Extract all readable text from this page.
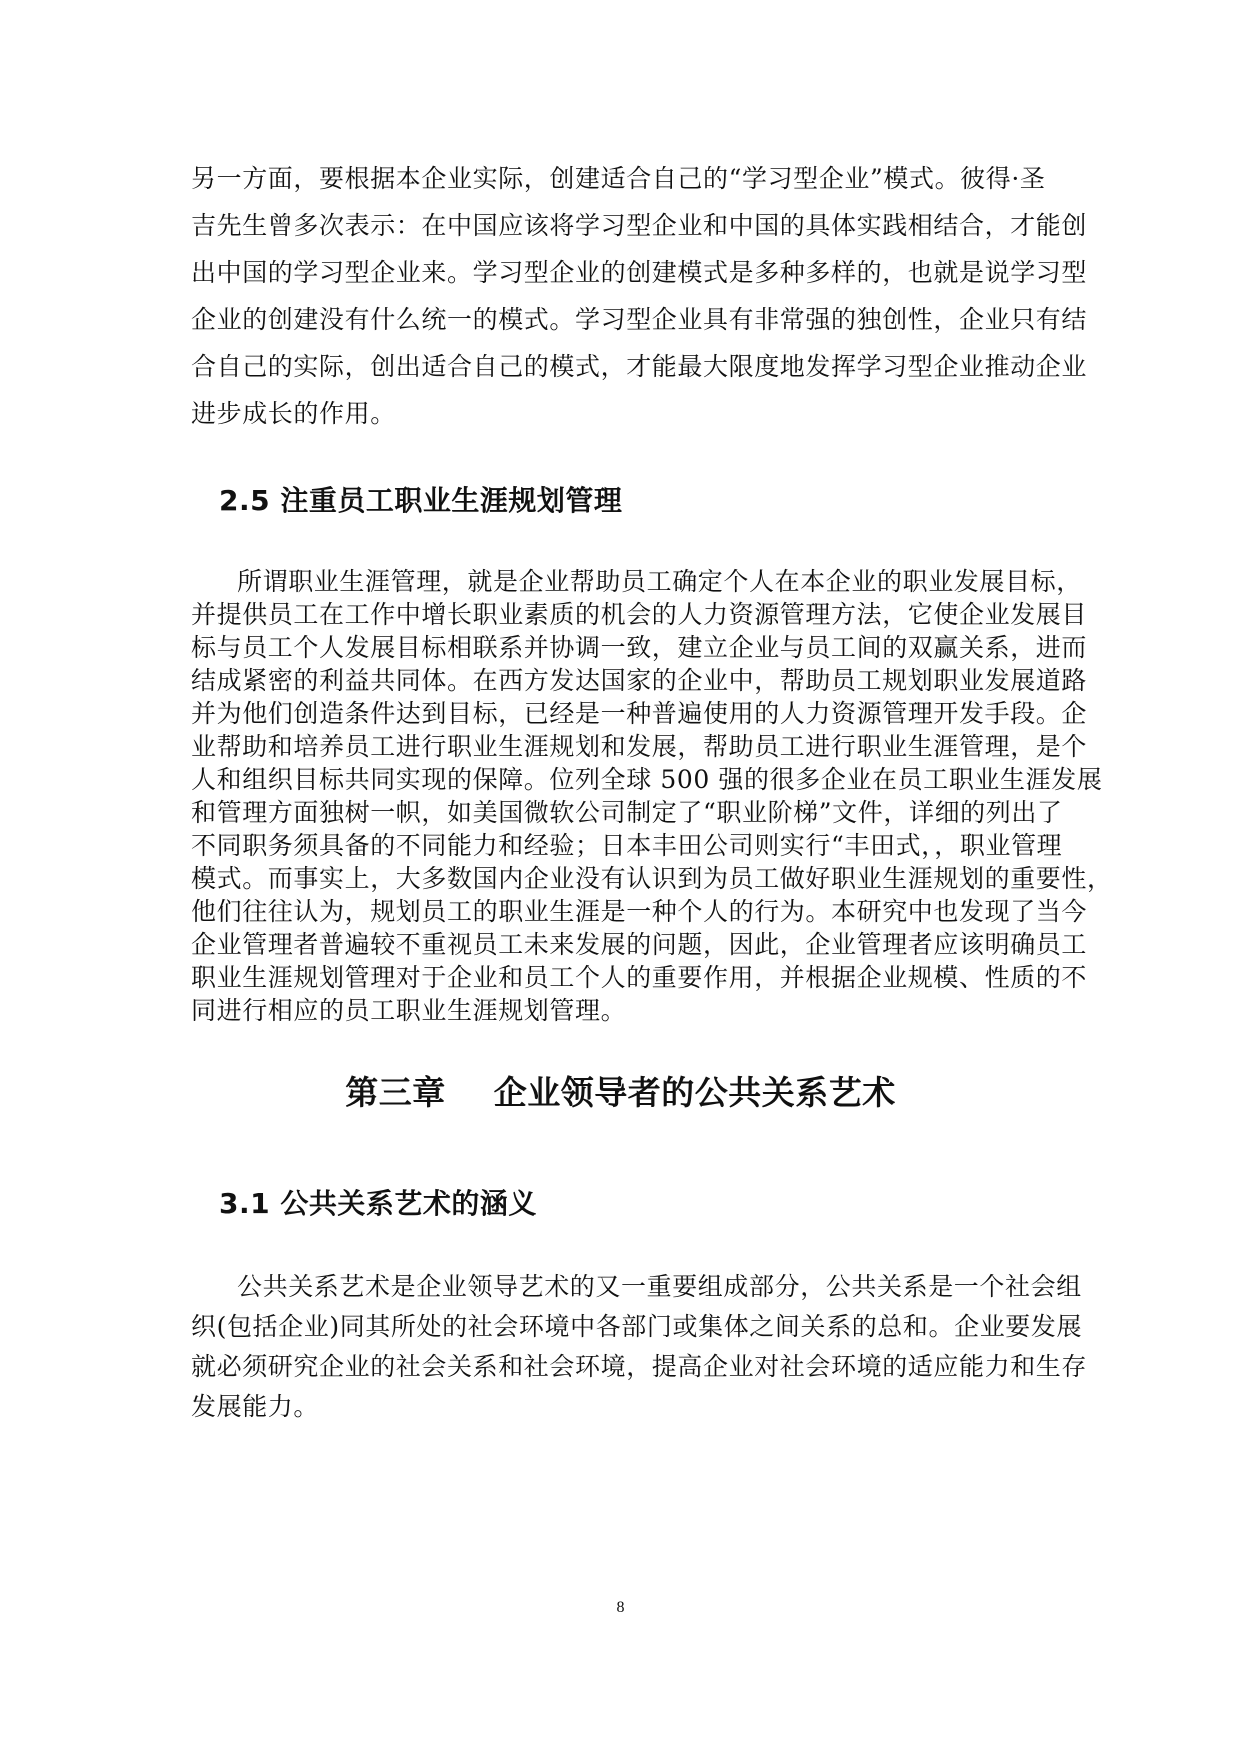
另一方面，要根据本企业实际，创建适合自己的“学习型企业”模式。彼得·圣
吉先生曾多次表示：在中国应该将学习型企业和中国的具体实践相结合，才能创
出中国的学习型企业来。学习型企业的创建模式是多种多样的，也就是说学习型
企业的创建没有什么统一的模式。学习型企业具有非常强的独创性，企业只有结
合自己的实际，创出适合自己的模式，才能最大限度地发挥学习型企业推动企业
进步成长的作用。
2.5 注重员工职业生涯规划管理
所谓职业生涯管理，就是企业帮助员工确定个人在本企业的职业发展目标，
并提供员工在工作中增长职业素质的机会的人力资源管理方法，它使企业发展目
标与员工个人发展目标相联系并协调一致，建立企业与员工间的双赢关系，进而
结成紧密的利益共同体。在西方发达国家的企业中，帮助员工规划职业发展道路
并为他们创造条件达到目标，已经是一种普遍使用的人力资源管理开发手段。企
业帮助和培养员工进行职业生涯规划和发展，帮助员工进行职业生涯管理，是个
人和组织目标共同实现的保障。位列全球 500 强的很多企业在员工职业生涯发展
和管理方面独树一帜，如美国微软公司制定了“职业阶梯”文件，详细的列出了
不同职务须具备的不同能力和经验；日本丰田公司则实行“丰田式，，职业管理
模式。而事实上，大多数国内企业没有认识到为员工做好职业生涯规划的重要性，
他们往往认为，规划员工的职业生涯是一种个人的行为。本研究中也发现了当今
企业管理者普遍较不重视员工未来发展的问题，因此，企业管理者应该明确员工
职业生涯规划管理对于企业和员工个人的重要作用，并根据企业规模、性质的不
同进行相应的员工职业生涯规划管理。
第三章    企业领导者的公共关系艺术
3.1 公共关系艺术的涵义
公共关系艺术是企业领导艺术的又一重要组成部分，公共关系是一个社会组
织(包括企业)同其所处的社会环境中各部门或集体之间关系的总和。企业要发展
就必须研究企业的社会关系和社会环境，提高企业对社会环境的适应能力和生存
发展能力。
8
